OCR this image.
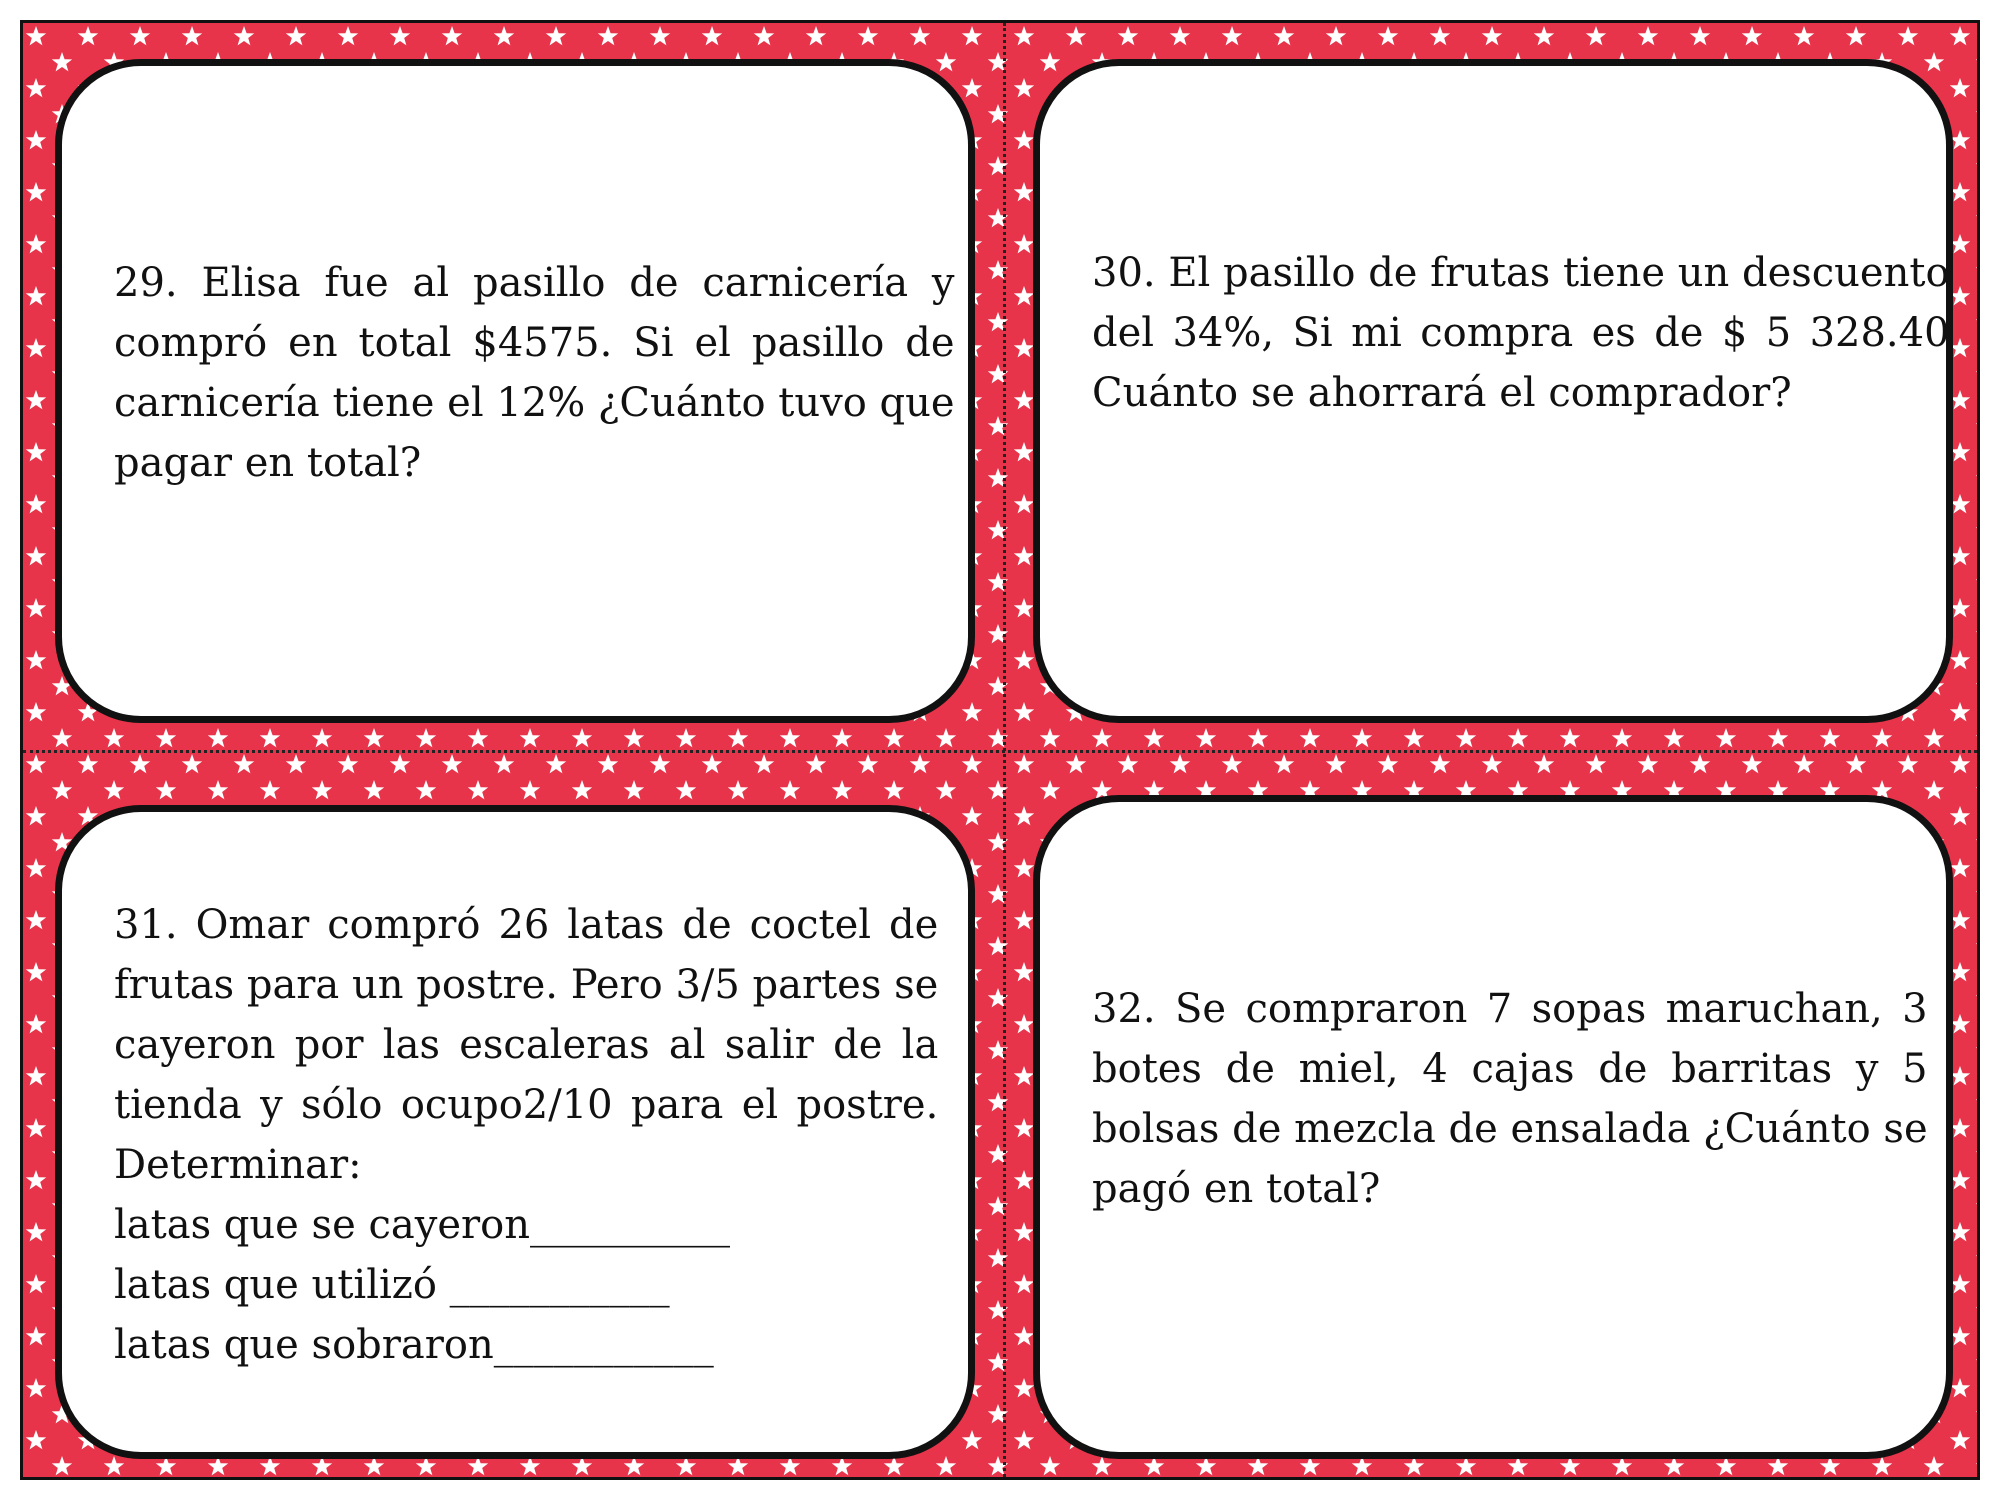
29. Elisa fue al pasillo de carnicería y
compró en total $4575. Si el pasillo de
carnicería tiene el 12% ¿Cuánto tuvo que
pagar en total?
30. El pasillo de frutas tiene un descuento
del 34%, Si mi compra es de $ 5 328.40
Cuánto se ahorrará el comprador?
31. Omar compró 26 latas de coctel de
frutas para un postre. Pero 3/5 partes se
cayeron por las escaleras al salir de la
tienda y sólo ocupo2/10 para el postre.
Determinar:
latas que se cayeron__________
latas que utilizó ___________
latas que sobraron___________
32. Se compraron 7 sopas maruchan, 3
botes de miel, 4 cajas de barritas y 5
bolsas de mezcla de ensalada ¿Cuánto se
pagó en total?
